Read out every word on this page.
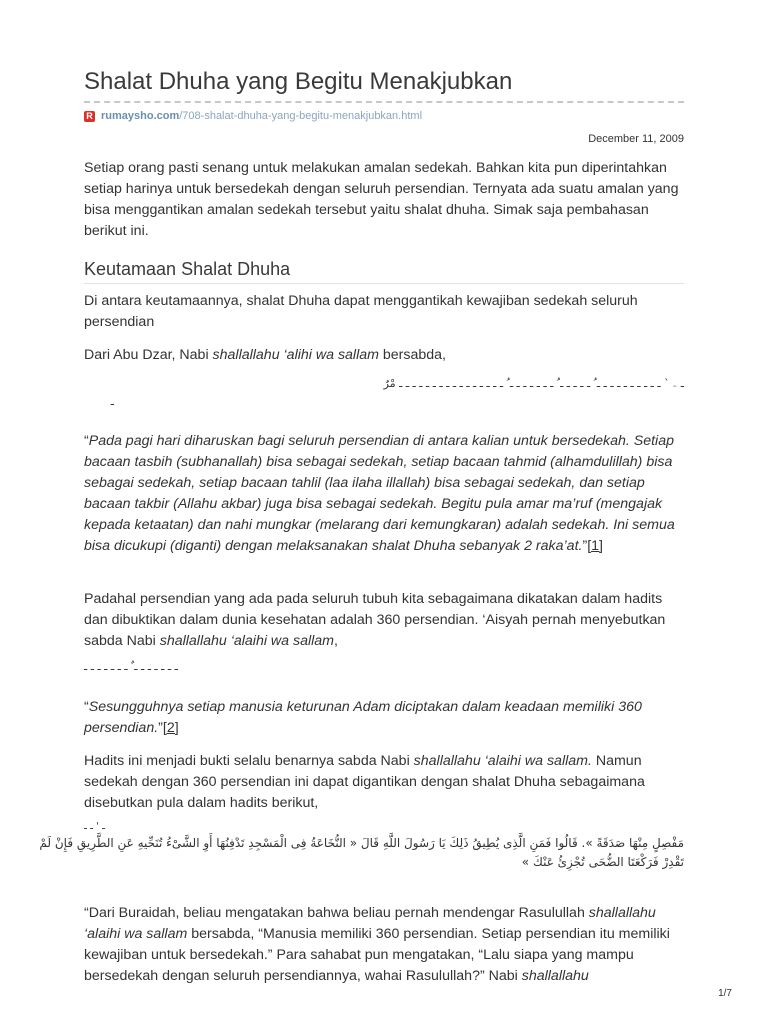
Shalat Dhuha yang Begitu Menakjubkan
R rumaysho.com /708-shalat-dhuha-yang-begitu-menakjubkan.html
December 11, 2009

Setiap orang pasti senang untuk melakukan amalan sedekah. Bahkan kita pun diperintahkan setiap harinya untuk bersedekah dengan seluruh persendian. Ternyata ada suatu amalan yang bisa menggantikan amalan sedekah tersebut yaitu shalat dhuha. Simak saja pembahasan berikut ini.

Keutamaan Shalat Dhuha

Di antara keutamaannya, shalat Dhuha dapat menggantikah kewajiban sedekah seluruh persendian

Dari Abu Dzar, Nabi shallallahu ‘alihi wa sallam bersabda,

ـ ۦ ` ـ ـ ـ ـ ـ ـ ـ ـ ـ ـ ُ ـ ـ ـ ـ ـ ُ ـ ـ ـ ـ ـ ـ ـ ُ ـ ـ ـ ـ ـ ـ ـ ـ ـ ـ ـ ـ ـ ـ ـ ـ مْرٌ
ـ

“Pada pagi hari diharuskan bagi seluruh persendian di antara kalian untuk bersedekah. Setiap bacaan tasbih (subhanallah) bisa sebagai sedekah, setiap bacaan tahmid (alhamdulillah) bisa sebagai sedekah, setiap bacaan tahlil (laa ilaha illallah) bisa sebagai sedekah, dan setiap bacaan takbir (Allahu akbar) juga bisa sebagai sedekah. Begitu pula amar ma’ruf (mengajak kepada ketaatan) dan nahi mungkar (melarang dari kemungkaran) adalah sedekah. Ini semua bisa dicukupi (diganti) dengan melaksanakan shalat Dhuha sebanyak 2 raka’at.”[1]

Padahal persendian yang ada pada seluruh tubuh kita sebagaimana dikatakan dalam hadits dan dibuktikan dalam dunia kesehatan adalah 360 persendian. ‘Aisyah pernah menyebutkan sabda Nabi shallallahu ‘alaihi wa sallam,

ـ ـ ـ ـ ـ ـ ـ ٌ ـ ـ ـ ـ ـ ـ ـ

“Sesungguhnya setiap manusia keturunan Adam diciptakan dalam keadaan memiliki 360 persendian.”[2]

Hadits ini menjadi bukti selalu benarnya sabda Nabi shallallahu ‘alaihi wa sallam. Namun sedekah dengan 360 persendian ini dapat digantikan dengan shalat Dhuha sebagaimana disebutkan pula dalam hadits berikut,

ـ ' ـ ـ
مَفْصِلٍ مِنْهَا صَدَقَةً ». قَالُوا فَمَنِ الَّذِى يُطِيقُ ذَلِكَ يَا رَسُولَ اللَّهِ قَالَ « النُّخَاعَةُ فِى الْمَسْجِدِ تَدْفِنُهَا أَوِ الشَّىْءُ تُنَحِّيهِ عَنِ الطَّرِيقِ فَإِنْ لَمْ
تَقْدِرْ فَرَكْعَتَا الضُّحَى تُجْزِئُ عَنْكَ »

“Dari Buraidah, beliau mengatakan bahwa beliau pernah mendengar Rasulullah shallallahu ‘alaihi wa sallam bersabda, “Manusia memiliki 360 persendian. Setiap persendian itu memiliki kewajiban untuk bersedekah.” Para sahabat pun mengatakan, “Lalu siapa yang mampu bersedekah dengan seluruh persendiannya, wahai Rasulullah?” Nabi shallallahu

1/7
